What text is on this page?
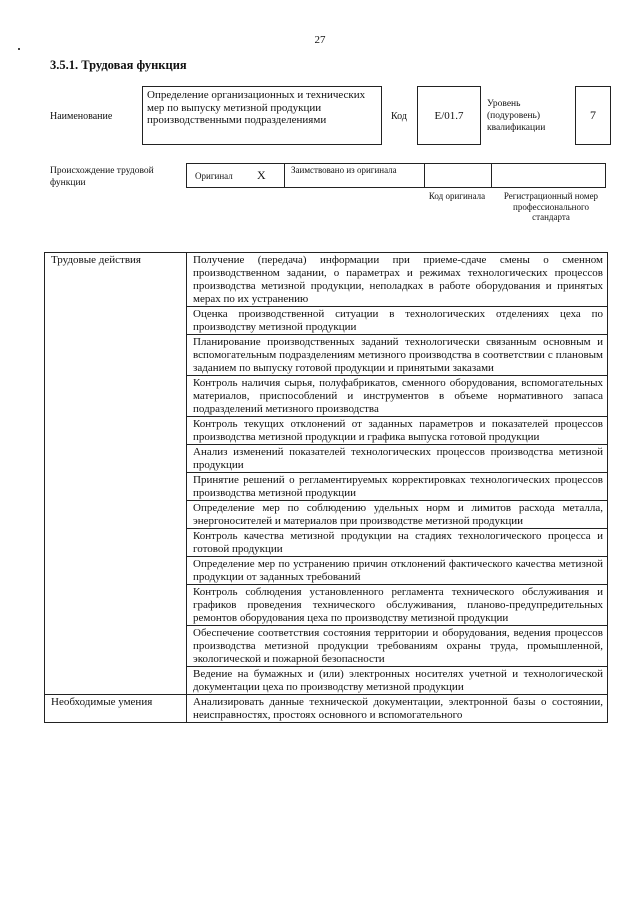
27
3.5.1. Трудовая функция
Наименование
Определение организационных и технических мер по выпуску метизной продукции производственными подразделениями	Код	E/01.7
Уровень (подуровень) квалификации
7
Происхождение трудовой функции
Оригинал X	Заимствовано из оригинала
Код оригинала	Регистрационный номер профессионального стандарта
Трудовые действия	Получение (передача) информации при приеме-сдаче смены о сменном производственном задании, о параметрах и режимах технологических процессов производства метизной продукции, неполадках в работе оборудования и принятых мерах по их устранению
	Оценка производственной ситуации в технологических отделениях цеха по производству метизной продукции
	Планирование производственных заданий технологически связанным основным и вспомогательным подразделениям метизного производства в соответствии с плановым заданием по выпуску готовой продукции и принятыми заказами
	Контроль наличия сырья, полуфабрикатов, сменного оборудования, вспомогательных материалов, приспособлений и инструментов в объеме нормативного запаса подразделений метизного производства
	Контроль текущих отклонений от заданных параметров и показателей процессов производства метизной продукции и графика выпуска готовой продукции
	Анализ изменений показателей технологических процессов производства метизной продукции
	Принятие решений о регламентируемых корректировках технологических процессов производства метизной продукции
	Определение мер по соблюдению удельных норм и лимитов расхода металла, энергоносителей и материалов при производстве метизной продукции
	Контроль качества метизной продукции на стадиях технологического процесса и готовой продукции
	Определение мер по устранению причин отклонений фактического качества метизной продукции от заданных требований
	Контроль соблюдения установленного регламента технического обслуживания и графиков проведения технического обслуживания, планово-предупредительных ремонтов оборудования цеха по производству метизной продукции
	Обеспечение соответствия состояния территории и оборудования, ведения процессов производства метизной продукции требованиям охраны труда, промышленной, экологической и пожарной безопасности
	Ведение на бумажных и (или) электронных носителях учетной и технологической документации цеха по производству метизной продукции
Необходимые умения	Анализировать данные технической документации, электронной базы о состоянии, неисправностях, простоях основного и вспомогательного
